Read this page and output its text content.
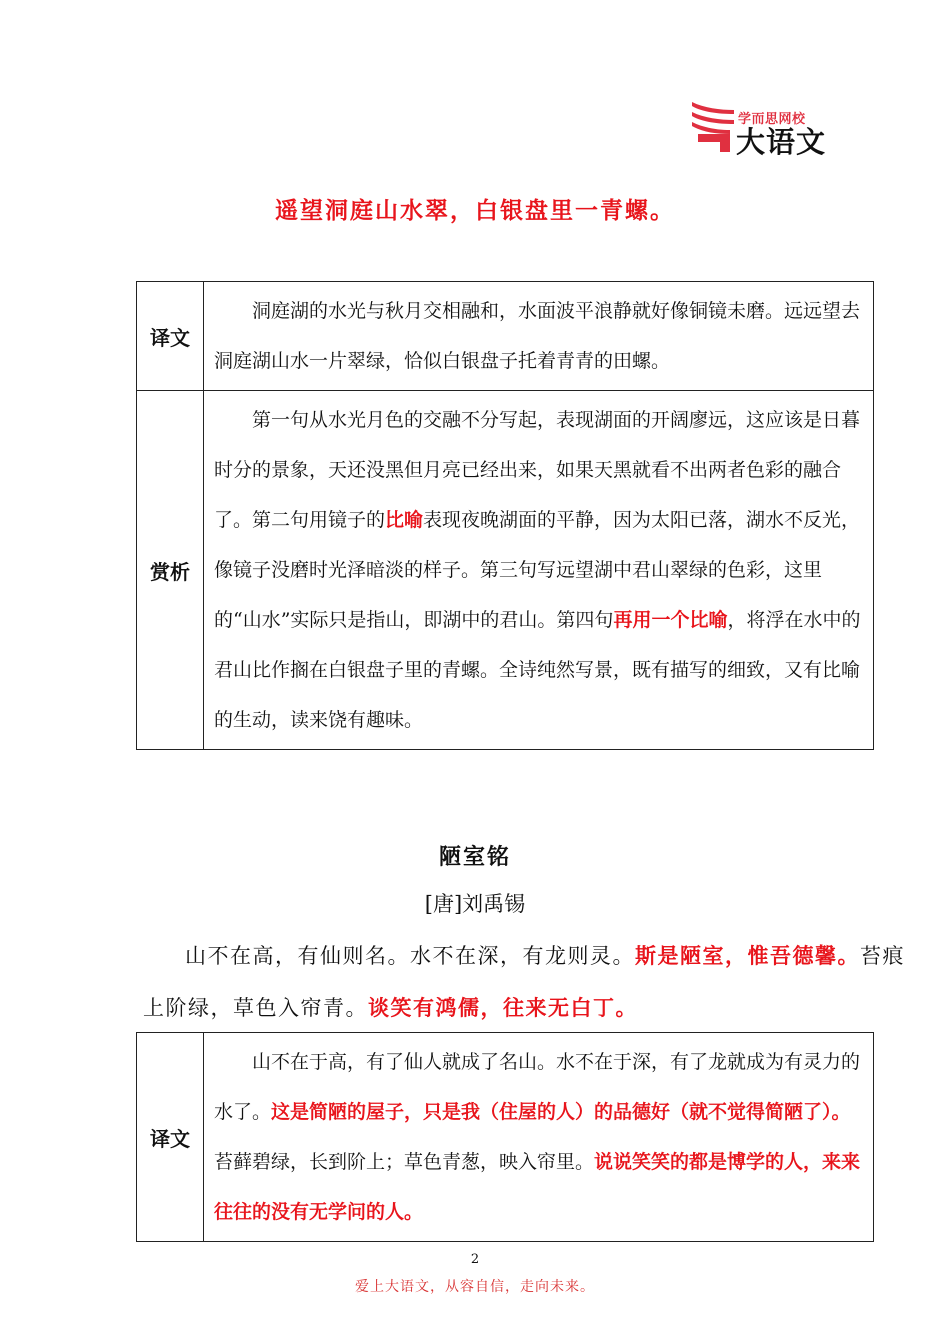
学而思网校
大语文
遥望洞庭山水翠，白银盘里一青螺。
译文	洞庭湖的水光与秋月交相融和，水面波平浪静就好像铜镜未磨。远远望去洞庭湖山水一片翠绿，恰似白银盘子托着青青的田螺。

赏析	第一句从水光月色的交融不分写起，表现湖面的开阔廖远，这应该是日暮时分的景象，天还没黑但月亮已经出来，如果天黑就看不出两者色彩的融合了。第二句用镜子的比喻表现夜晚湖面的平静，因为太阳已落，湖水不反光，像镜子没磨时光泽暗淡的样子。第三句写远望湖中君山翠绿的色彩，这里的“山水”实际只是指山，即湖中的君山。第四句再用一个比喻，将浮在水中的君山比作搁在白银盘子里的青螺。全诗纯然写景，既有描写的细致，又有比喻的生动，读来饶有趣味。
陋室铭
[唐]刘禹锡
山不在高，有仙则名。水不在深，有龙则灵。斯是陋室，惟吾德馨。苔痕上阶绿，草色入帘青。谈笑有鸿儒，往来无白丁。
译文	
山不在于高，有了仙人就成了名山。水不在于深，有了龙就成为有灵力的水了。这是简陋的屋子，只是我（住屋的人）的品德好（就不觉得简陋了）。苔藓碧绿，长到阶上；草色青葱，映入帘里。说说笑笑的都是博学的人，来来往往的没有无学问的人。
2
爱上大语文，从容自信，走向未来。
